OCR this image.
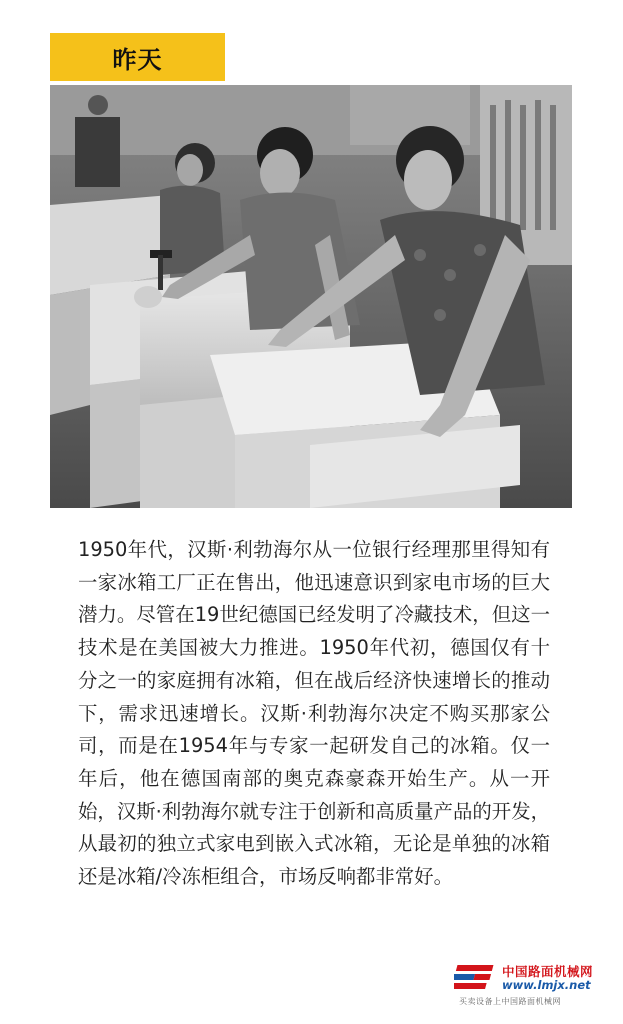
昨天

1950年代，汉斯·利勃海尔从一位银行经理那里得知有一家冰箱工厂正在售出，他迅速意识到家电市场的巨大潜力。尽管在19世纪德国已经发明了冷藏技术，但这一技术是在美国被大力推进。1950年代初，德国仅有十分之一的家庭拥有冰箱，但在战后经济快速增长的推动下，需求迅速增长。汉斯·利勃海尔决定不购买那家公司，而是在1954年与专家一起研发自己的冰箱。仅一年后，他在德国南部的奥克森豪森开始生产。从一开始，汉斯·利勃海尔就专注于创新和高质量产品的开发，从最初的独立式家电到嵌入式冰箱，无论是单独的冰箱还是冰箱/冷冻柜组合，市场反响都非常好。

中国路面机械网
www.lmjx.net
买卖设备上中国路面机械网
